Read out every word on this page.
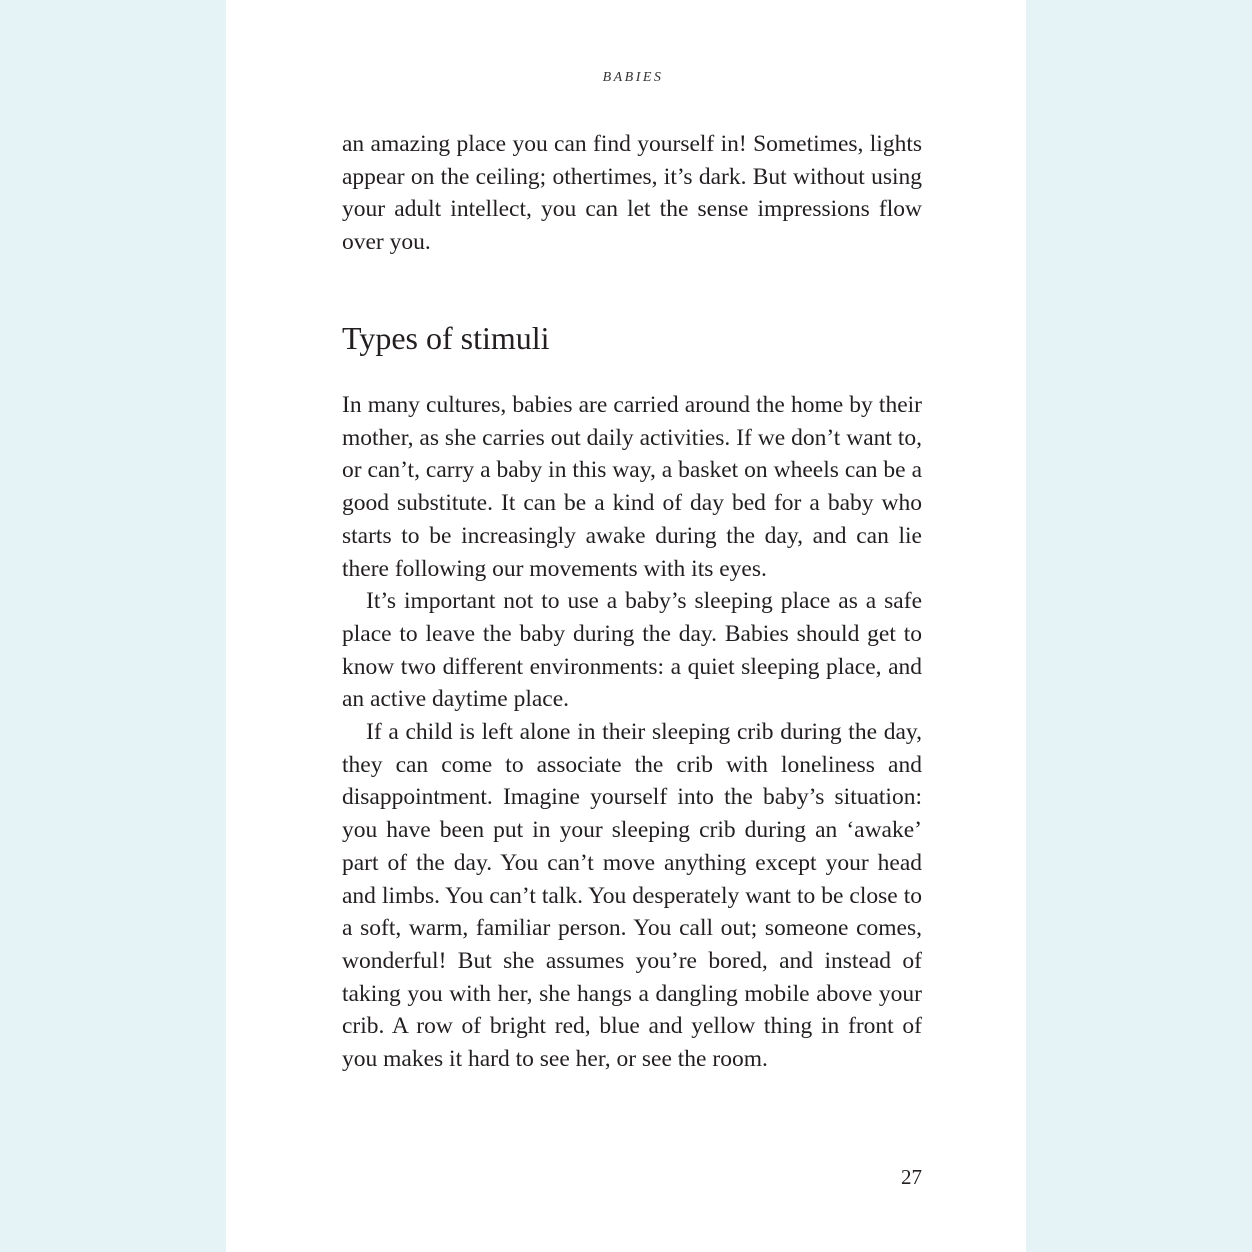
BABIES

an amazing place you can find yourself in! Sometimes, lights appear on the ceiling; othertimes, it’s dark. But without using your adult intellect, you can let the sense impressions flow over you.

Types of stimuli

In many cultures, babies are carried around the home by their mother, as she carries out daily activities. If we don’t want to, or can’t, carry a baby in this way, a basket on wheels can be a good substitute. It can be a kind of day bed for a baby who starts to be increasingly awake during the day, and can lie there following our movements with its eyes.

It’s important not to use a baby’s sleeping place as a safe place to leave the baby during the day. Babies should get to know two different environments: a quiet sleeping place, and an active daytime place.

If a child is left alone in their sleeping crib during the day, they can come to associate the crib with loneliness and disappointment. Imagine yourself into the baby’s situation: you have been put in your sleeping crib during an ‘awake’ part of the day. You can’t move anything except your head and limbs. You can’t talk. You desperately want to be close to a soft, warm, familiar person. You call out; someone comes, wonderful! But she assumes you’re bored, and instead of taking you with her, she hangs a dangling mobile above your crib. A row of bright red, blue and yellow thing in front of you makes it hard to see her, or see the room.

27
